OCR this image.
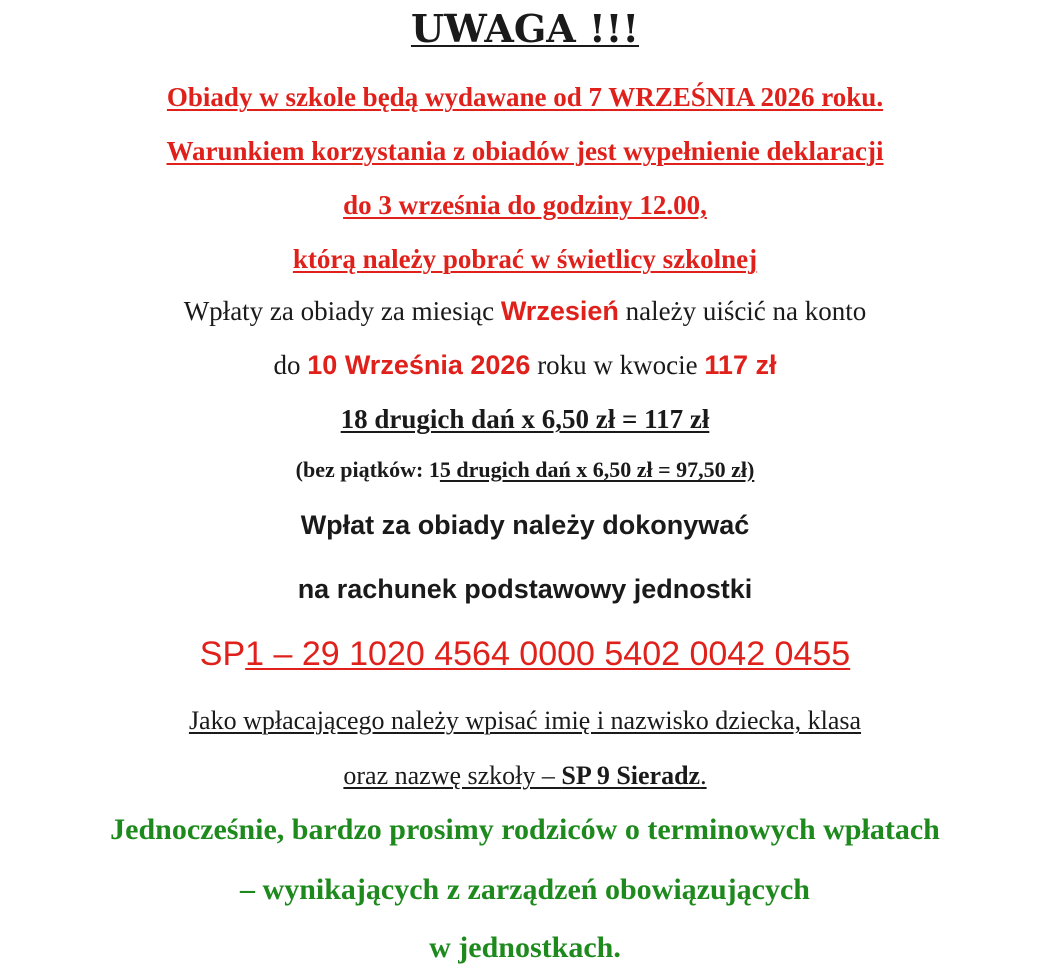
UWAGA !!!
Obiady w szkole będą wydawane od 7 WRZEŚNIA 2026 roku.
Warunkiem korzystania z obiadów jest wypełnienie deklaracji
do 3 września do godziny 12.00,
którą należy pobrać w świetlicy szkolnej
Wpłaty za obiady za miesiąc Wrzesień należy uiścić na konto
do 10 Września 2026 roku w kwocie 117 zł
18 drugich dań x 6,50 zł = 117 zł
(bez piątków: 15 drugich dań x 6,50 zł = 97,50 zł)
Wpłat za obiady należy dokonywać
na rachunek podstawowy jednostki
SP1 – 29 1020 4564 0000 5402 0042 0455
Jako wpłacającego należy wpisać imię i nazwisko dziecka, klasa
oraz nazwę szkoły – SP 9 Sieradz.
Jednocześnie, bardzo prosimy rodziców o terminowych wpłatach
– wynikających z zarządzeń obowiązujących
w jednostkach.
